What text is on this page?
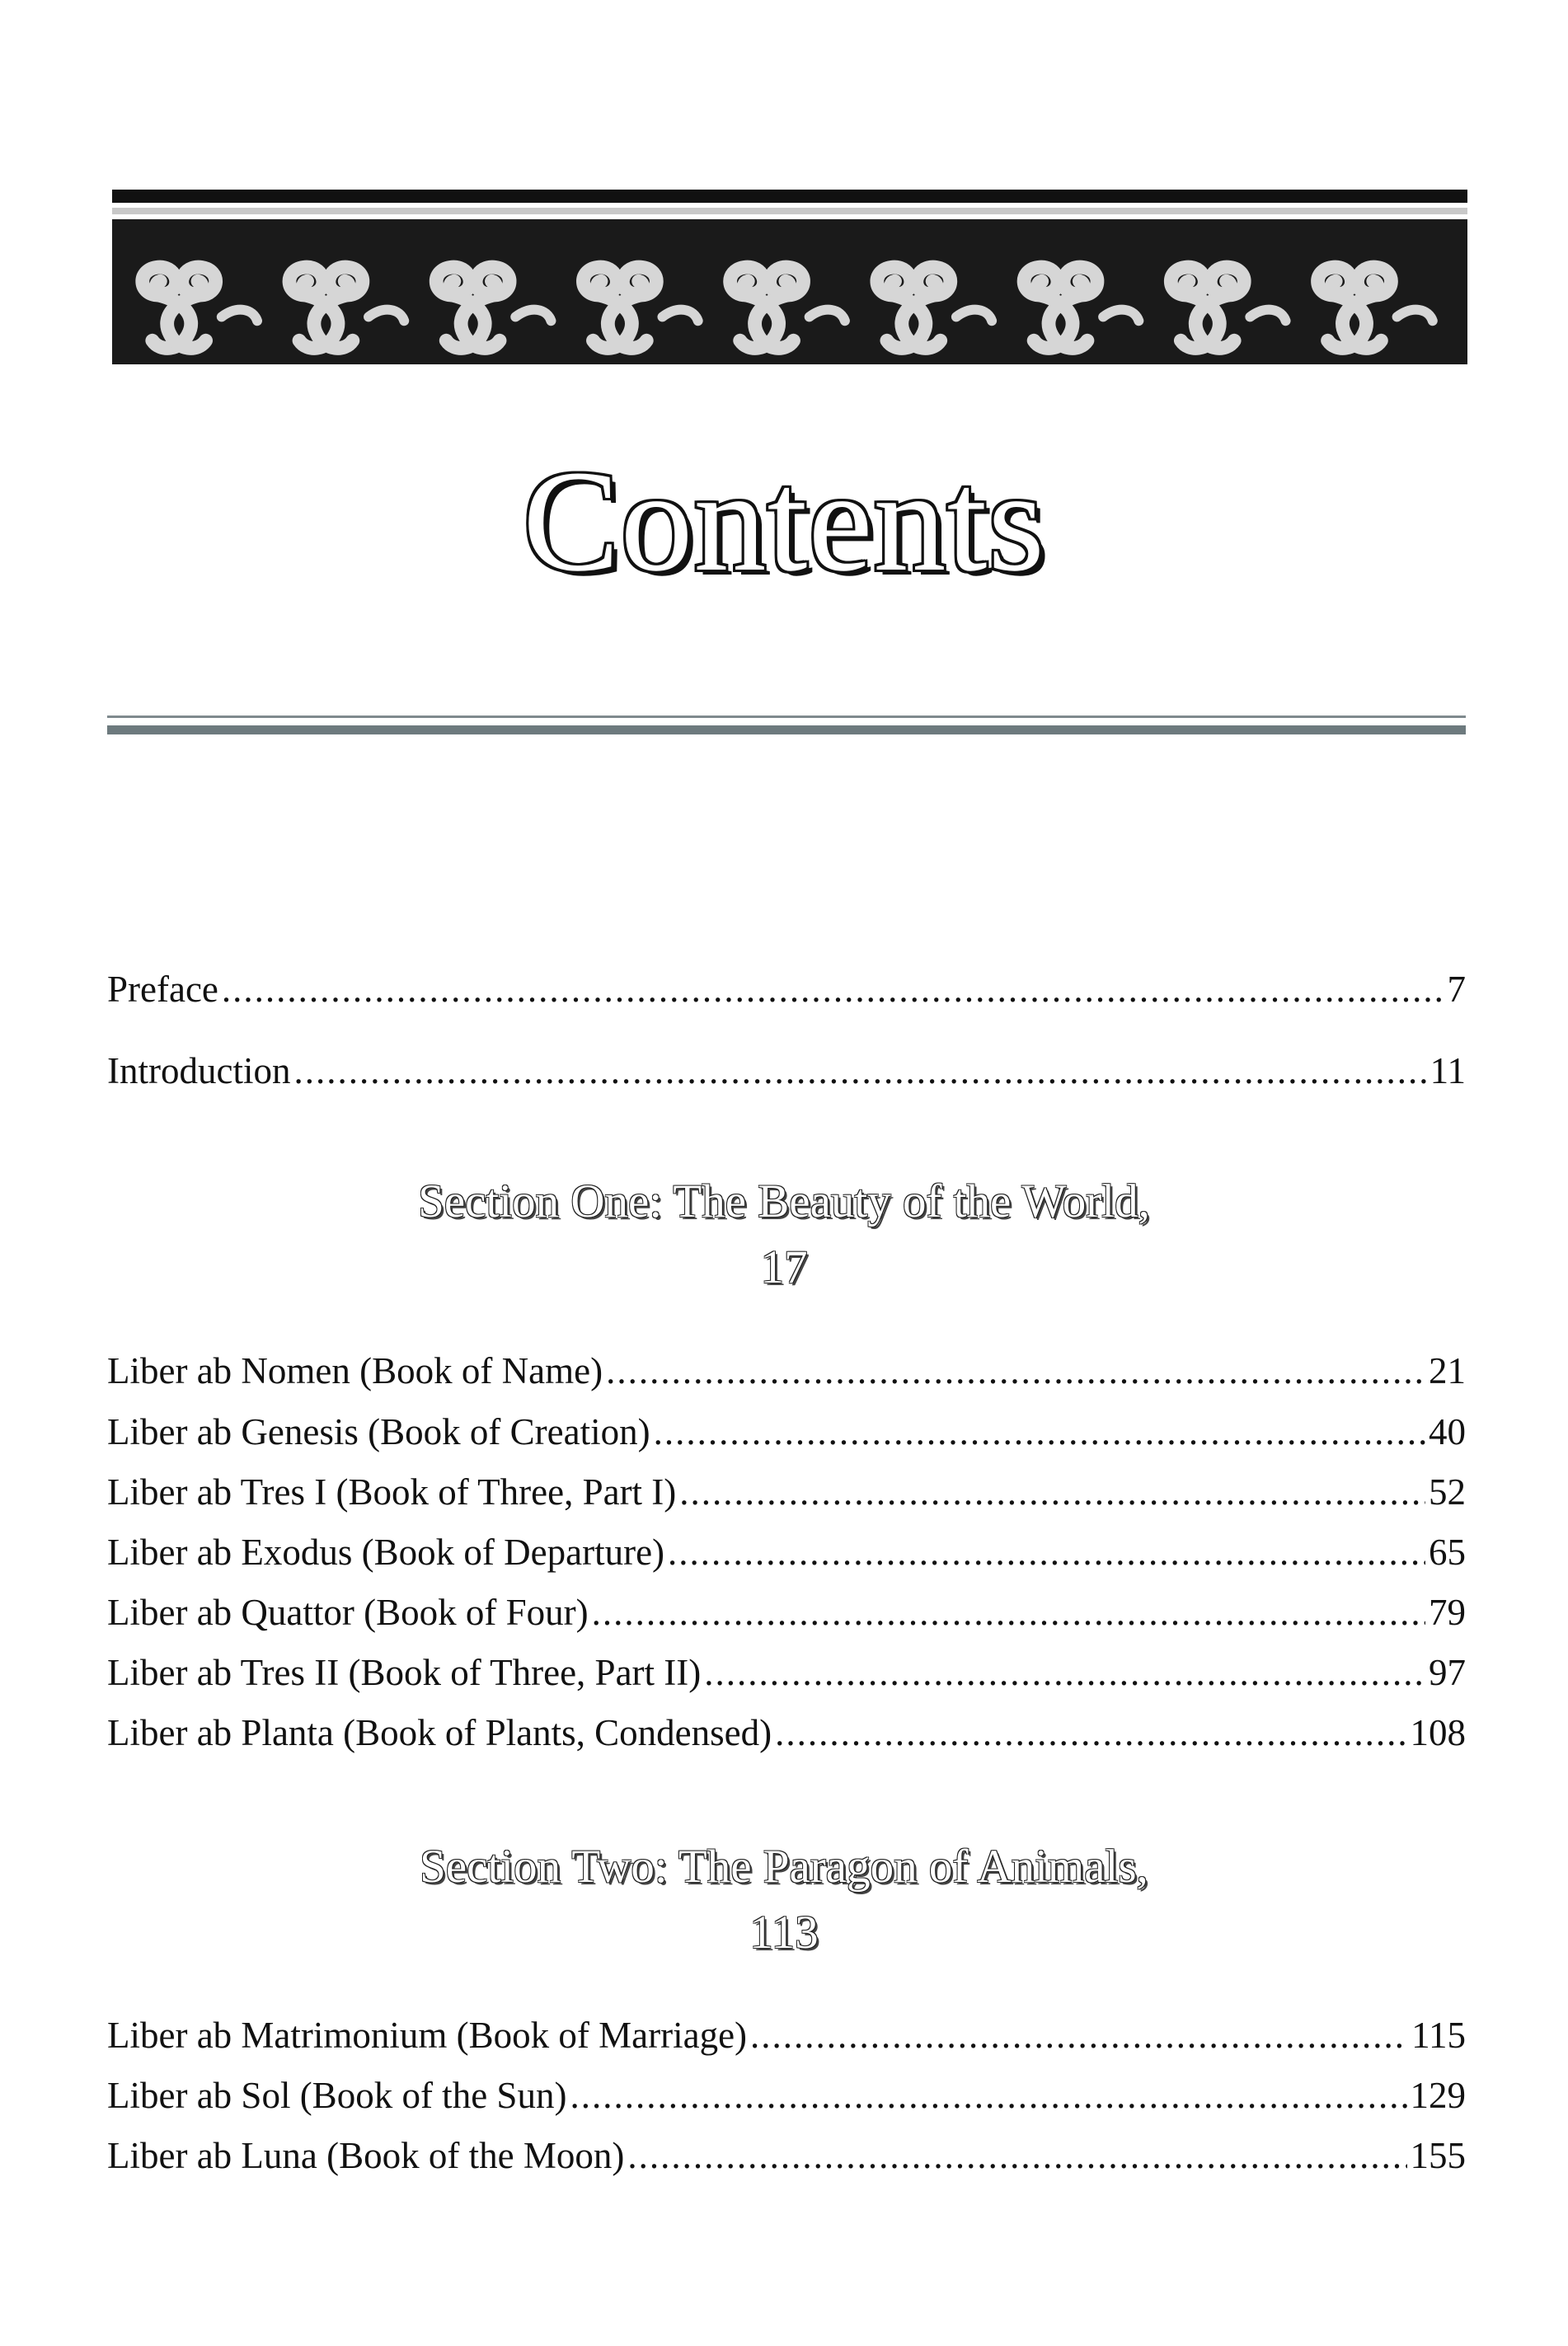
Contents
Preface .....	7
Introduction .....	11
Section One: The Beauty of the World,
17
Liber ab Nomen (Book of Name) .....	21
Liber ab Genesis (Book of Creation) .....	40
Liber ab Tres I (Book of Three, Part I) .....	52
Liber ab Exodus (Book of Departure) .....	65
Liber ab Quattor (Book of Four) .....	79
Liber ab Tres II (Book of Three, Part II) .....	97
Liber ab Planta (Book of Plants, Condensed) .....	108
Section Two: The Paragon of Animals,
113
Liber ab Matrimonium (Book of Marriage) .....	115
Liber ab Sol (Book of the Sun) .....	129
Liber ab Luna (Book of the Moon) .....	155
